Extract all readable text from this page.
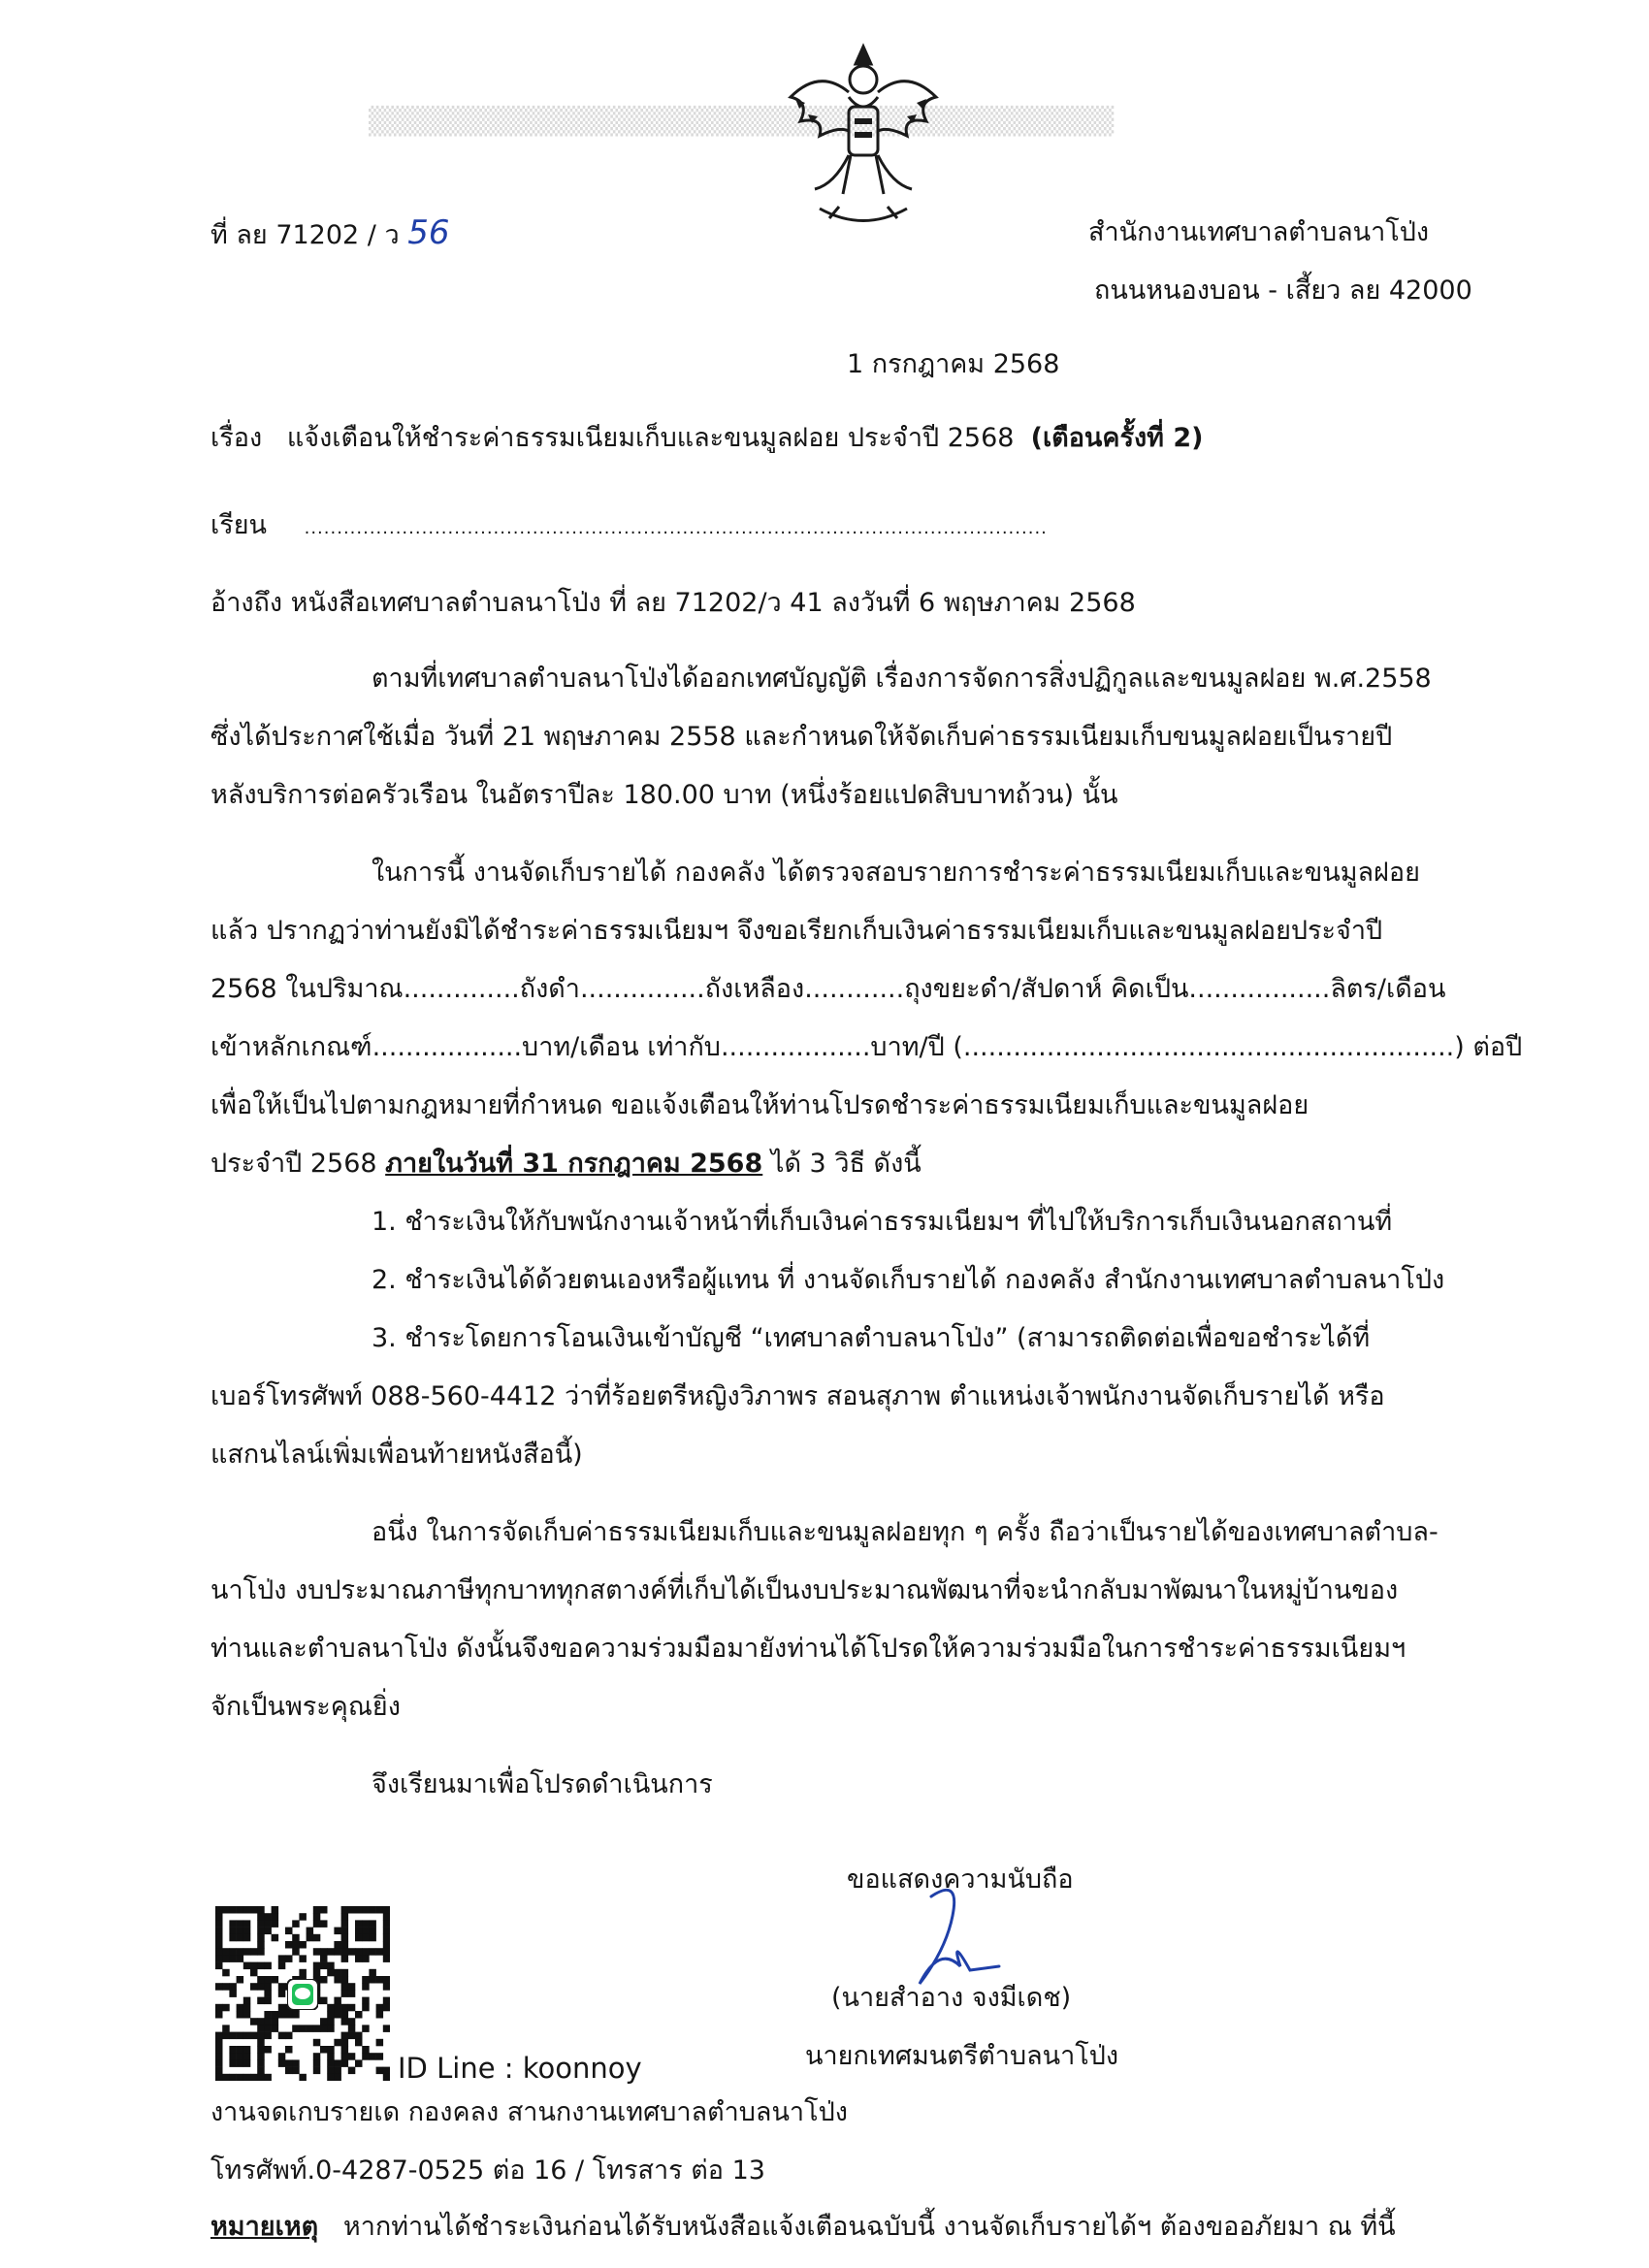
▒▒▒▒▒▒▒▒▒▒▒▒▒▒▒▒▒▒▒▒▒▒▒▒▒▒▒▒▒▒▒▒▒▒▒▒▒
ที่ ลย 71202 / ว 56	สำนักงานเทศบาลตำบลนาโป่ง
ถนนหนองบอน - เสี้ยว ลย 42000
1 กรกฎาคม 2568
เรื่อง แจ้งเตือนให้ชำระค่าธรรมเนียมเก็บและขนมูลฝอย ประจำปี 2568 (เตือนครั้งที่ 2)
เรียน ..................................................................................................................
อ้างถึง หนังสือเทศบาลตำบลนาโป่ง ที่ ลย 71202/ว 41 ลงวันที่ 6 พฤษภาคม 2568
ตามที่เทศบาลตำบลนาโป่งได้ออกเทศบัญญัติ เรื่องการจัดการสิ่งปฏิกูลและขนมูลฝอย พ.ศ.2558
ซึ่งได้ประกาศใช้เมื่อ วันที่ 21 พฤษภาคม 2558 และกำหนดให้จัดเก็บค่าธรรมเนียมเก็บขนมูลฝอยเป็นรายปี
หลังบริการต่อครัวเรือน ในอัตราปีละ 180.00 บาท (หนึ่งร้อยแปดสิบบาทถ้วน) นั้น
ในการนี้ งานจัดเก็บรายได้ กองคลัง ได้ตรวจสอบรายการชำระค่าธรรมเนียมเก็บและขนมูลฝอย
แล้ว ปรากฏว่าท่านยังมิได้ชำระค่าธรรมเนียมฯ จึงขอเรียกเก็บเงินค่าธรรมเนียมเก็บและขนมูลฝอยประจำปี
2568 ในปริมาณ..............ถังดำ...............ถังเหลือง............ถุงขยะดำ/สัปดาห์ คิดเป็น.................ลิตร/เดือน
เข้าหลักเกณฑ์..................บาท/เดือน เท่ากับ..................บาท/ปี (...........................................................) ต่อปี
เพื่อให้เป็นไปตามกฎหมายที่กำหนด ขอแจ้งเตือนให้ท่านโปรดชำระค่าธรรมเนียมเก็บและขนมูลฝอย
ประจำปี 2568 ภายในวันที่ 31 กรกฎาคม 2568 ได้ 3 วิธี ดังนี้
1. ชำระเงินให้กับพนักงานเจ้าหน้าที่เก็บเงินค่าธรรมเนียมฯ ที่ไปให้บริการเก็บเงินนอกสถานที่
2. ชำระเงินได้ด้วยตนเองหรือผู้แทน ที่ งานจัดเก็บรายได้ กองคลัง สำนักงานเทศบาลตำบลนาโป่ง
3. ชำระโดยการโอนเงินเข้าบัญชี “เทศบาลตำบลนาโป่ง” (สามารถติดต่อเพื่อขอชำระได้ที่
เบอร์โทรศัพท์ 088-560-4412 ว่าที่ร้อยตรีหญิงวิภาพร สอนสุภาพ ตำแหน่งเจ้าพนักงานจัดเก็บรายได้ หรือ
แสกนไลน์เพิ่มเพื่อนท้ายหนังสือนี้)
อนึ่ง ในการจัดเก็บค่าธรรมเนียมเก็บและขนมูลฝอยทุก ๆ ครั้ง ถือว่าเป็นรายได้ของเทศบาลตำบล-
นาโป่ง งบประมาณภาษีทุกบาททุกสตางค์ที่เก็บได้เป็นงบประมาณพัฒนาที่จะนำกลับมาพัฒนาในหมู่บ้านของ
ท่านและตำบลนาโป่ง ดังนั้นจึงขอความร่วมมือมายังท่านได้โปรดให้ความร่วมมือในการชำระค่าธรรมเนียมฯ
จักเป็นพระคุณยิ่ง
จึงเรียนมาเพื่อโปรดดำเนินการ
ขอแสดงความนับถือ
(นายสำอาง จงมีเดช)
นายกเทศมนตรีตำบลนาโป่ง
ID Line : koonnoy
งานจดเกบรายเด กองคลง สานกงานเทศบาลตำบลนาโป่ง
โทรศัพท์.0-4287-0525 ต่อ 16 / โทรสาร ต่อ 13
หมายเหตุ หากท่านได้ชำระเงินก่อนได้รับหนังสือแจ้งเตือนฉบับนี้ งานจัดเก็บรายได้ฯ ต้องขออภัยมา ณ ที่นี้
